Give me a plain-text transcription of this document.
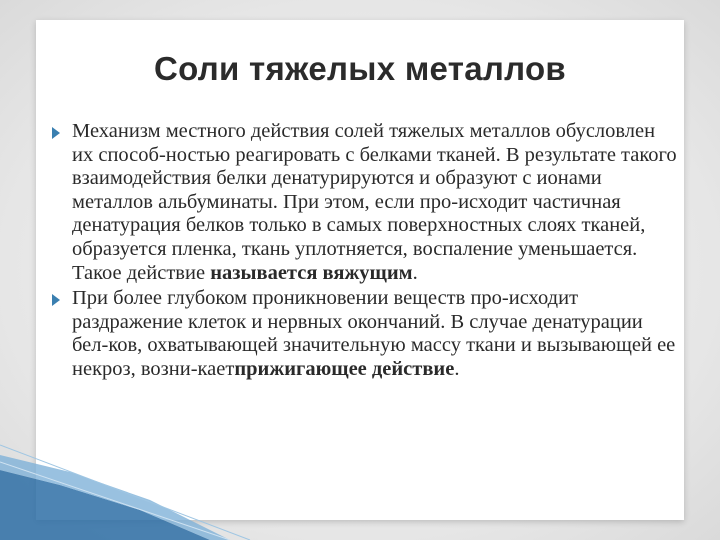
Соли тяжелых металлов
Механизм местного действия солей тяжелых металлов обусловлен их способ-ностью реагировать с белками тканей. В результате такого взаимодействия белки денатурируются и образуют с ионами металлов альбуминаты. При этом, если про-исходит частичная денатурация белков только в самых поверхностных слоях тканей, образуется пленка, ткань уплотняется, воспаление уменьшается. Такое действие называется вяжущим.
При более глубоком проникновении веществ про-исходит раздражение клеток и нервных окончаний. В случае денатурации бел-ков, охватывающей значительную массу ткани и вызывающей ее некроз, возни-каетприжигающее действие.
